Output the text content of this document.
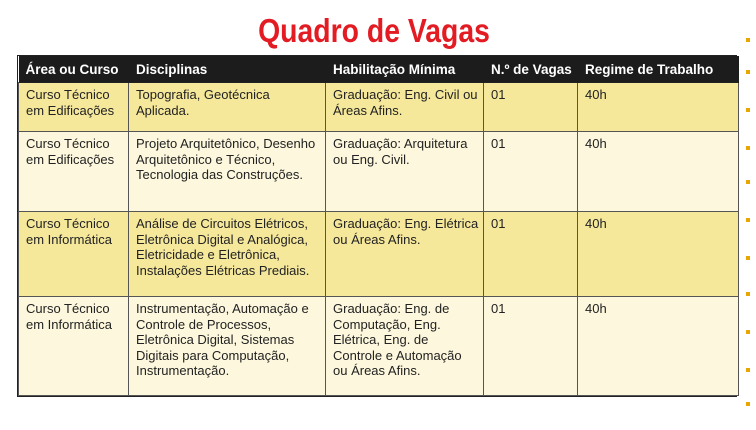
Quadro de Vagas
Área ou Curso	Disciplinas	Habilitação Mínima	N.º de Vagas	Regime de Trabalho
Curso Técnico em Edificações	Topografia, Geotécnica Aplicada.	Graduação: Eng. Civil ou Áreas Afins.	01	40h
Curso Técnico em Edificações	Projeto Arquitetônico, Desenho Arquitetônico e Técnico, Tecnologia das Construções.	Graduação: Arquitetura ou Eng. Civil.	01	40h
Curso Técnico em Informática	Análise de Circuitos Elétricos, Eletrônica Digital e Analógica, Eletricidade e Eletrônica, Instalações Elétricas Prediais.	Graduação: Eng. Elétrica ou Áreas Afins.	01	40h
Curso Técnico em Informática	Instrumentação, Automação e Controle de Processos, Eletrônica Digital, Sistemas Digitais para Computação, Instrumentação.	Graduação: Eng. de Computação, Eng. Elétrica, Eng. de Controle e Automação ou Áreas Afins.	01	40h
